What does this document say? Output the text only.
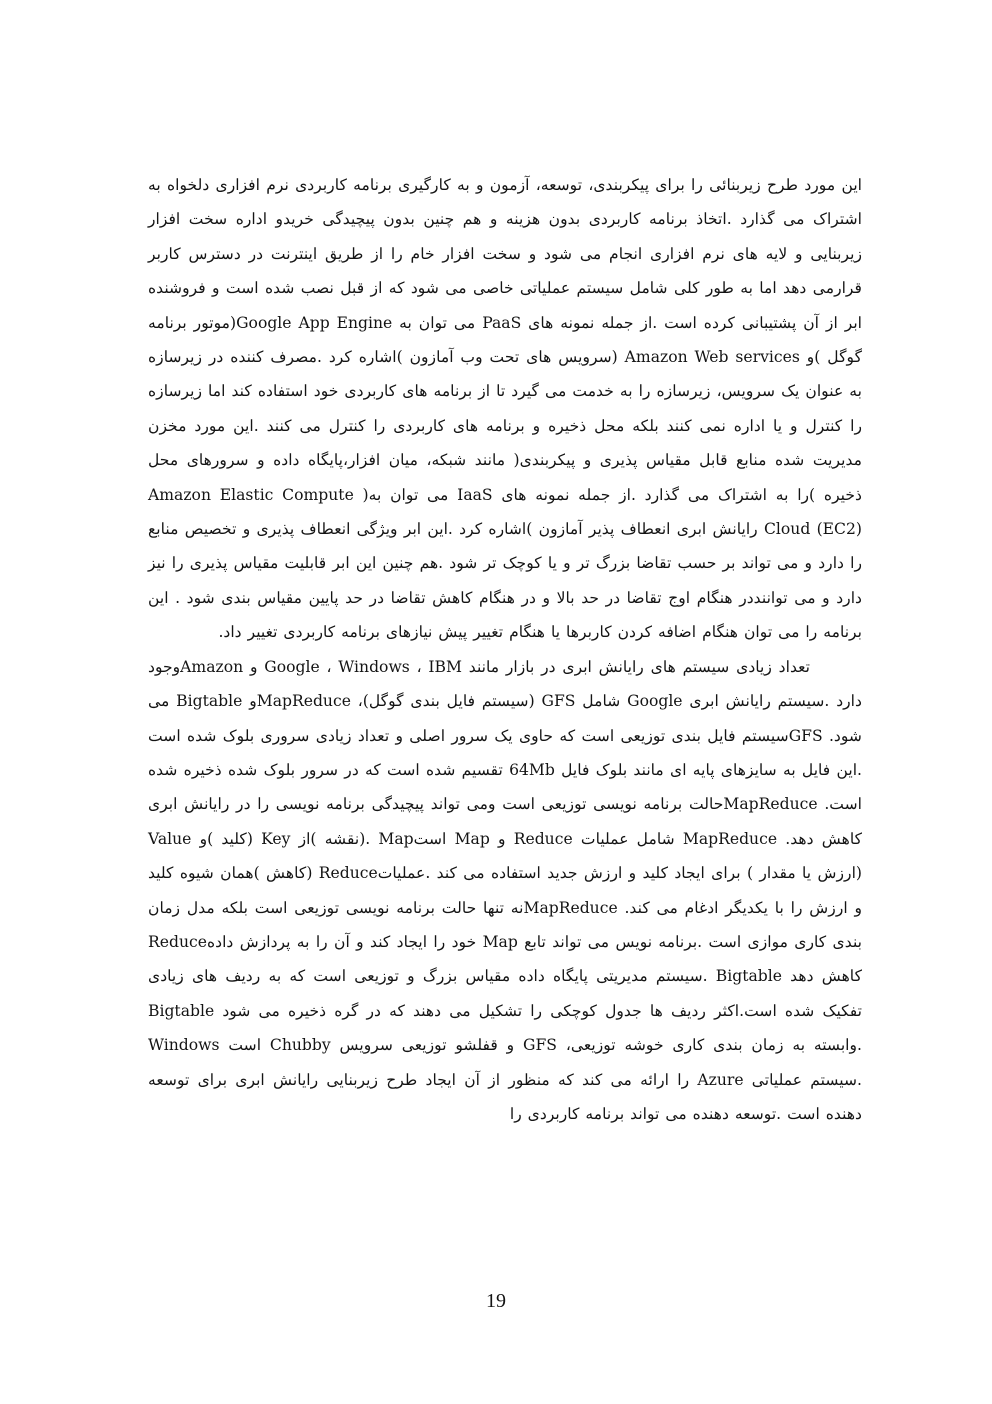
این مورد طرح زیربنائی را برای پیکربندی، توسعه، آزمون و به کارگیری برنامه کاربردی نرم افزاری دلخواه به اشتراک می گذارد .اتخاذ برنامه کاربردی بدون هزینه و هم چنین بدون پیچیدگی خریدو اداره سخت افزار زیربنایی و لایه های نرم افزاری انجام می شود و سخت افزار خام را از طریق اینترنت در دسترس کاربر قرارمی دهد اما به طور کلی شامل سیستم عملیاتی خاصی می شود که از قبل نصب شده است و فروشنده ابر از آن پشتیبانی کرده است .از جمله نمونه های PaaS می توان به Google App Engine(موتور برنامه گوگل )و Amazon Web services (سرویس های تحت وب آمازون )اشاره کرد .مصرف کننده در زیرسازه به عنوان یک سرویس، زیرسازه را به خدمت می گیرد تا از برنامه های کاربردی خود استفاده کند اما زیرسازه را کنترل و یا اداره نمی کنند بلکه محل ذخیره و برنامه های کاربردی را کنترل می کنند .این مورد مخزن مدیریت شده منابع قابل مقیاس پذیری و پیکربندی( مانند شبکه، میان افزار،پایگاه داده و سرورهای محل ذخیره )را به اشتراک می گذارد .از جمله نمونه های IaaS می توان به( Amazon Elastic Compute Cloud (EC2) رایانش ابری انعطاف پذیر آمازون )اشاره کرد .این ابر ویژگی انعطاف پذیری و تخصیص منابع را دارد و می تواند بر حسب تقاضا بزرگ تر و یا کوچک تر شود .هم چنین این ابر قابلیت مقیاس پذیری را نیز دارد و می تواننددر هنگام اوج تقاضا در حد بالا و در هنگام کاهش تقاضا در حد پایین مقیاس بندی شود . این برنامه را می توان هنگام اضافه کردن کاربرها یا هنگام تغییر پیش نیازهای برنامه کاربردی تغییر داد.

تعداد زیادی سیستم های رایانش ابری در بازار مانند Google ، Windows ، IBM و Amazonوجود دارد .سیستم رایانش ابری Google شامل GFS (سیستم فایل بندی گوگل)، MapReduceو Bigtable می شود. GFSسیستم فایل بندی توزیعی است که حاوی یک سرور اصلی و تعداد زیادی سروری بلوک شده است .این فایل به سایزهای پایه ای مانند بلوک فایل 64Mb تقسیم شده است که در سرور بلوک شده ذخیره شده است. MapReduceحالت برنامه نویسی توزیعی است ومی تواند پیچیدگی برنامه نویسی را در رایانش ابری کاهش دهد. MapReduce شامل عملیات Reduce و Map استMap .(نقشه )از Key (کلید )و Value (ارزش یا مقدار ) برای ایجاد کلید و ارزش جدید استفاده می کند .عملیاتReduce (کاهش )همان شیوه کلید و ارزش را با یکدیگر ادغام می کند. MapReduceنه تنها حالت برنامه نویسی توزیعی است بلکه مدل زمان بندی کاری موازی است .برنامه نویس می تواند تابع Map خود را ایجاد کند و آن را به پردازش دادهReduce کاهش دهد Bigtable .سیستم مدیریتی پایگاه داده مقیاس بزرگ و توزیعی است که به ردیف های زیادی تفکیک شده است.اکثر ردیف ها جدول کوچکی را تشکیل می دهند که در گره ذخیره می شود Bigtable .وابسته به زمان بندی کاری خوشه توزیعی، GFS و قفلشو توزیعی سرویس Chubby است Windows .سیستم عملیاتی Azure را ارائه می کند که منظور از آن ایجاد طرح زیربنایی رایانش ابری برای توسعه دهنده است .توسعه دهنده می تواند برنامه کاربردی را

19
